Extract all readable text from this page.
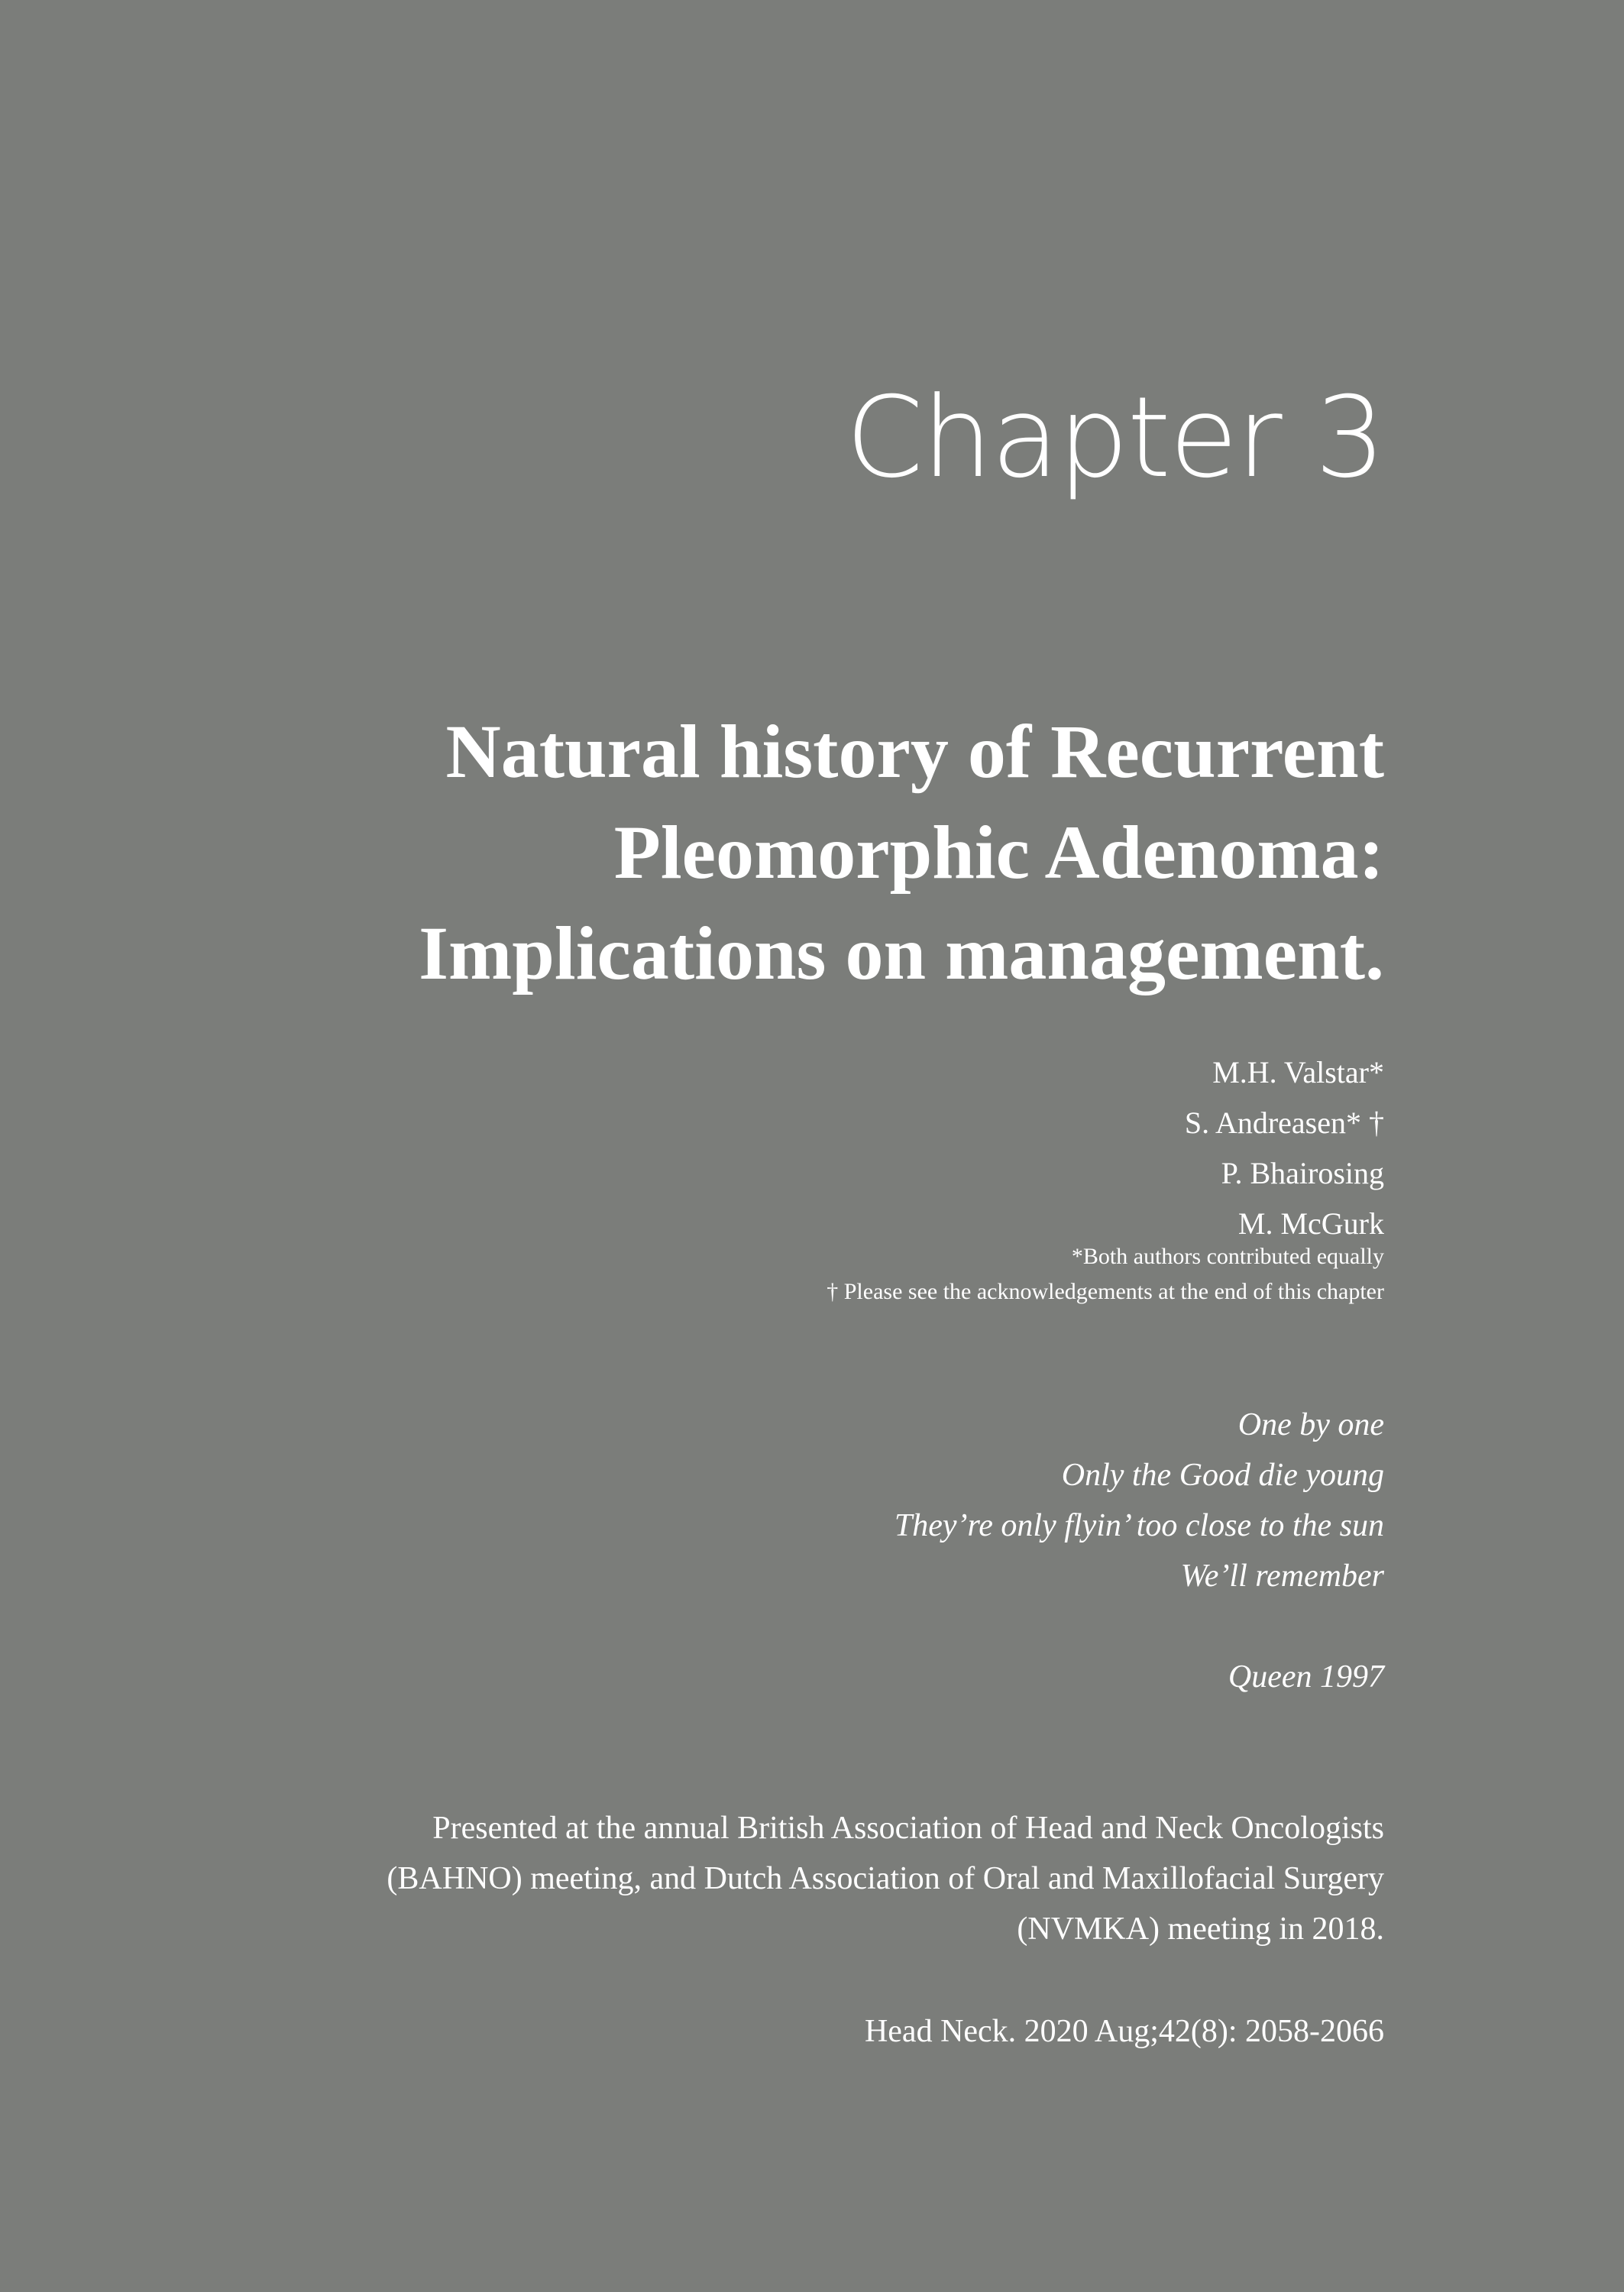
Chapter 3
Natural history of Recurrent
Pleomorphic Adenoma:
Implications on management.
M.H. Valstar*
S. Andreasen* †
P. Bhairosing
M. McGurk
*Both authors contributed equally
† Please see the acknowledgements at the end of this chapter
One by one
Only the Good die young
They’re only flyin’ too close to the sun
We’ll remember
Queen 1997
Presented at the annual British Association of Head and Neck Oncologists
(BAHNO) meeting, and Dutch Association of Oral and Maxillofacial Surgery
(NVMKA) meeting in 2018.
Head Neck. 2020 Aug;42(8): 2058-2066
